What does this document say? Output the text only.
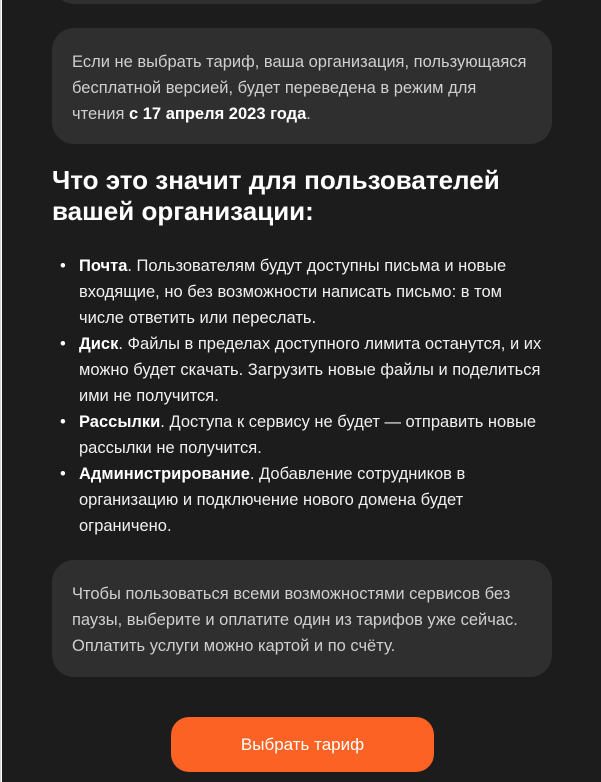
Если не выбрать тариф, ваша организация, пользующаяся бесплатной версией, будет переведена в режим для чтения с 17 апреля 2023 года.
Что это значит для пользователей вашей организации:
• Почта. Пользователям будут доступны письма и новые входящие, но без возможности написать письмо: в том числе ответить или переслать.
• Диск. Файлы в пределах доступного лимита останутся, и их можно будет скачать. Загрузить новые файлы и поделиться ими не получится.
• Рассылки. Доступа к сервису не будет — отправить новые рассылки не получится.
• Администрирование. Добавление сотрудников в организацию и подключение нового домена будет ограничено.
Чтобы пользоваться всеми возможностями сервисов без паузы, выберите и оплатите один из тарифов уже сейчас. Оплатить услуги можно картой и по счёту.
Выбрать тариф
